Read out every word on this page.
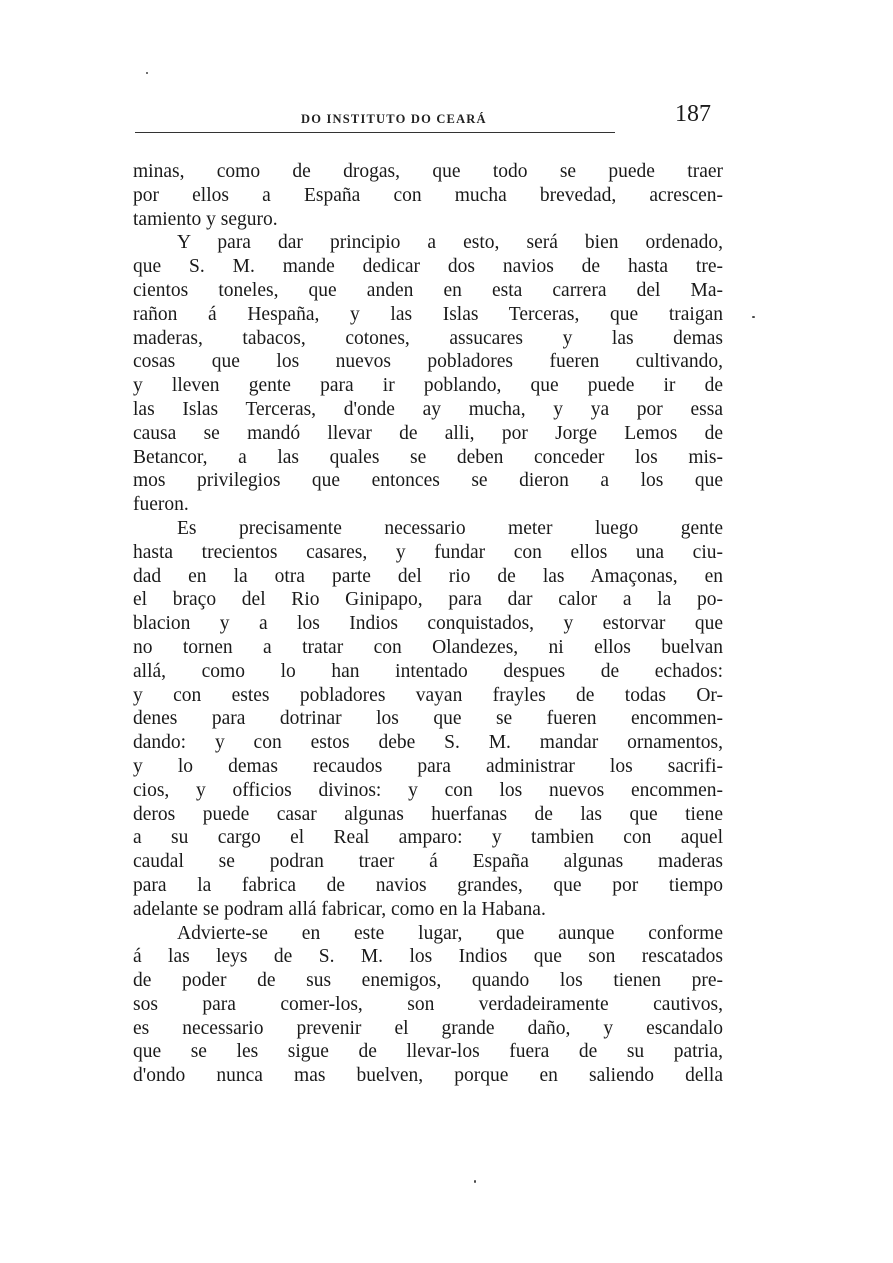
DO INSTITUTO DO CEARÁ	187
minas, como de drogas, que todo se puede traer
por ellos a España con mucha brevedad, acrescen-
tamiento y seguro.
Y para dar principio a esto, será bien ordenado,
que S. M. mande dedicar dos navios de hasta tre-
cientos toneles, que anden en esta carrera del Ma-
rañon á Hespaña, y las Islas Terceras, que traigan
maderas, tabacos, cotones, assucares y las demas
cosas que los nuevos pobladores fueren cultivando,
y lleven gente para ir poblando, que puede ir de
las Islas Terceras, d'onde ay mucha, y ya por essa
causa se mandó llevar de alli, por Jorge Lemos de
Betancor, a las quales se deben conceder los mis-
mos privilegios que entonces se dieron a los que
fueron.
Es precisamente necessario meter luego gente
hasta trecientos casares, y fundar con ellos una ciu-
dad en la otra parte del rio de las Amaçonas, en
el braço del Rio Ginipapo, para dar calor a la po-
blacion y a los Indios conquistados, y estorvar que
no tornen a tratar con Olandezes, ni ellos buelvan
allá, como lo han intentado despues de echados:
y con estes pobladores vayan frayles de todas Or-
denes para dotrinar los que se fueren encommen-
dando: y con estos debe S. M. mandar ornamentos,
y lo demas recaudos para administrar los sacrifi-
cios, y officios divinos: y con los nuevos encommen-
deros puede casar algunas huerfanas de las que tiene
a su cargo el Real amparo: y tambien con aquel
caudal se podran traer á España algunas maderas
para la fabrica de navios grandes, que por tiempo
adelante se podram allá fabricar, como en la Habana.
Advierte-se en este lugar, que aunque conforme
á las leys de S. M. los Indios que son rescatados
de poder de sus enemigos, quando los tienen pre-
sos para comer-los, son verdadeiramente cautivos,
es necessario prevenir el grande daño, y escandalo
que se les sigue de llevar-los fuera de su patria,
d'ondo nunca mas buelven, porque en saliendo della
